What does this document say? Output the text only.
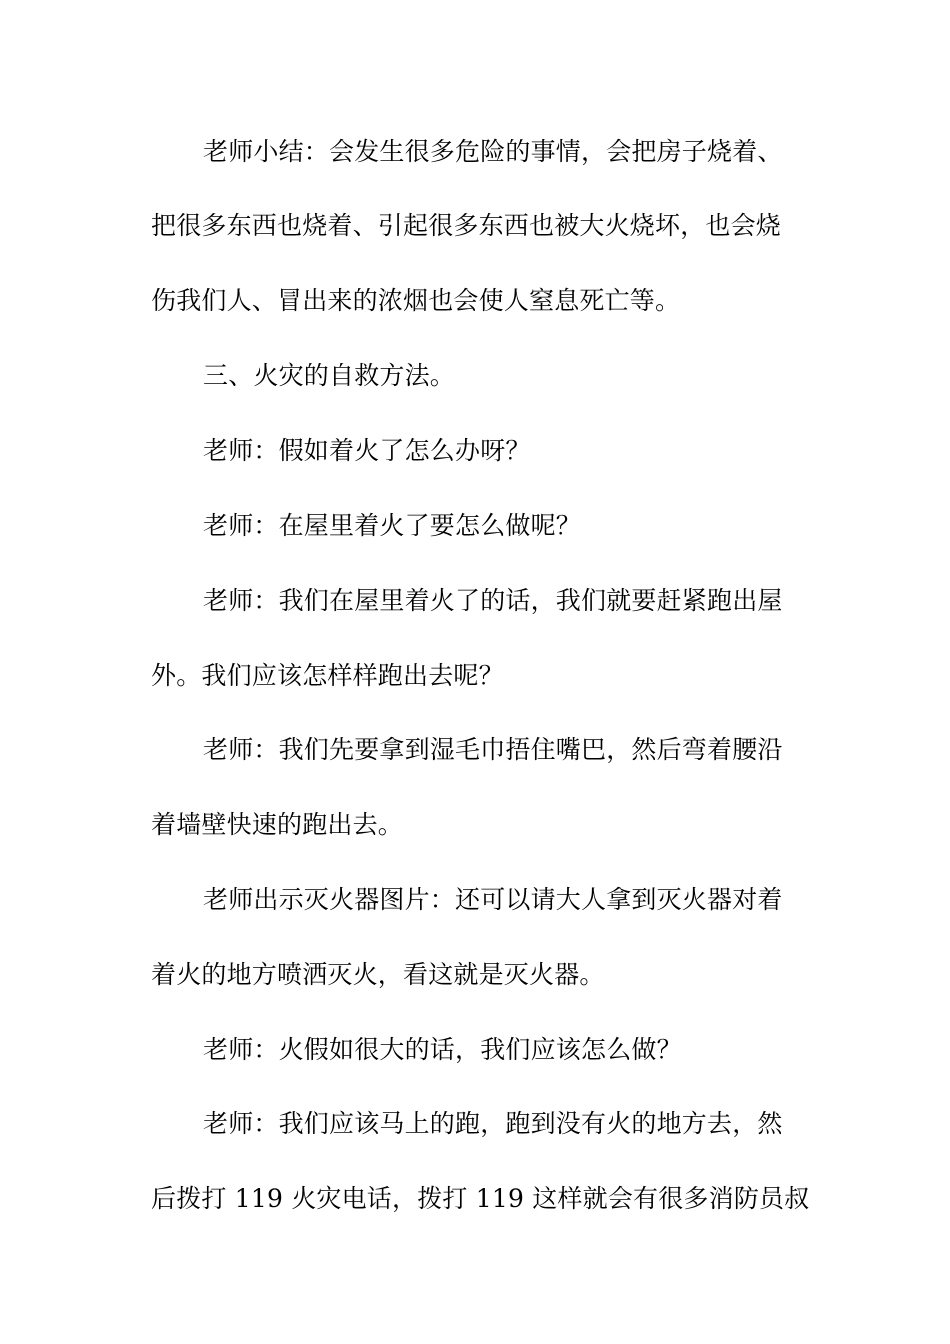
老师小结：会发生很多危险的事情，会把房子烧着、
把很多东西也烧着、引起很多东西也被大火烧坏，也会烧
伤我们人、冒出来的浓烟也会使人窒息死亡等。
三、火灾的自救方法。
老师：假如着火了怎么办呀？
老师：在屋里着火了要怎么做呢？
老师：我们在屋里着火了的话，我们就要赶紧跑出屋
外。我们应该怎样样跑出去呢？
老师：我们先要拿到湿毛巾捂住嘴巴，然后弯着腰沿
着墙壁快速的跑出去。
老师出示灭火器图片：还可以请大人拿到灭火器对着
着火的地方喷洒灭火，看这就是灭火器。
老师：火假如很大的话，我们应该怎么做？
老师：我们应该马上的跑，跑到没有火的地方去，然
后拨打 119 火灾电话，拨打 119 这样就会有很多消防员叔
